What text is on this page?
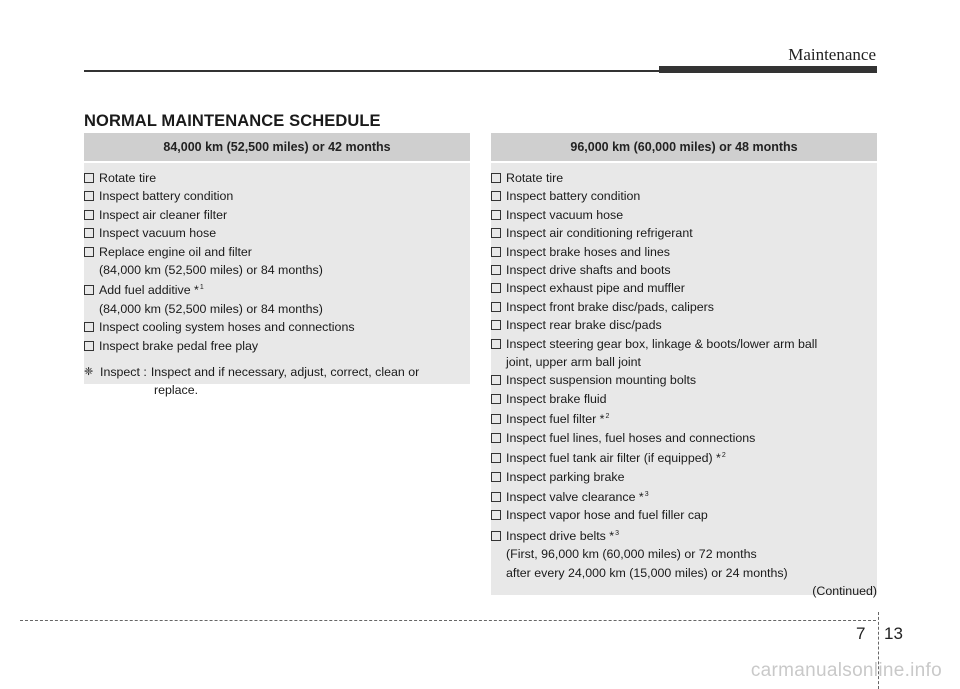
Maintenance
NORMAL MAINTENANCE SCHEDULE
84,000 km (52,500 miles) or 42 months
Rotate tire
Inspect battery condition
Inspect air cleaner filter
Inspect vacuum hose
Replace engine oil and filter
(84,000 km (52,500 miles) or 84 months)
Add fuel additive *$^1$
(84,000 km (52,500 miles) or 84 months)
Inspect cooling system hoses and connections
Inspect brake pedal free play
❈ Inspect : Inspect and if necessary, adjust, correct, clean or
replace.
96,000 km (60,000 miles) or 48 months
Rotate tire
Inspect battery condition
Inspect vacuum hose
Inspect air conditioning refrigerant
Inspect brake hoses and lines
Inspect drive shafts and boots
Inspect exhaust pipe and muffler
Inspect front brake disc/pads, calipers
Inspect rear brake disc/pads
Inspect steering gear box, linkage & boots/lower arm ball
joint, upper arm ball joint
Inspect suspension mounting bolts
Inspect brake fluid
Inspect fuel filter *$^2$
Inspect fuel lines, fuel hoses and connections
Inspect fuel tank air filter (if equipped) *$^2$
Inspect parking brake
Inspect valve clearance *$^3$
Inspect vapor hose and fuel filler cap
Inspect drive belts *$^3$
(First, 96,000 km (60,000 miles) or 72 months
after every 24,000 km (15,000 miles) or 24 months)
(Continued)
7 13
carmanualsonline.info
